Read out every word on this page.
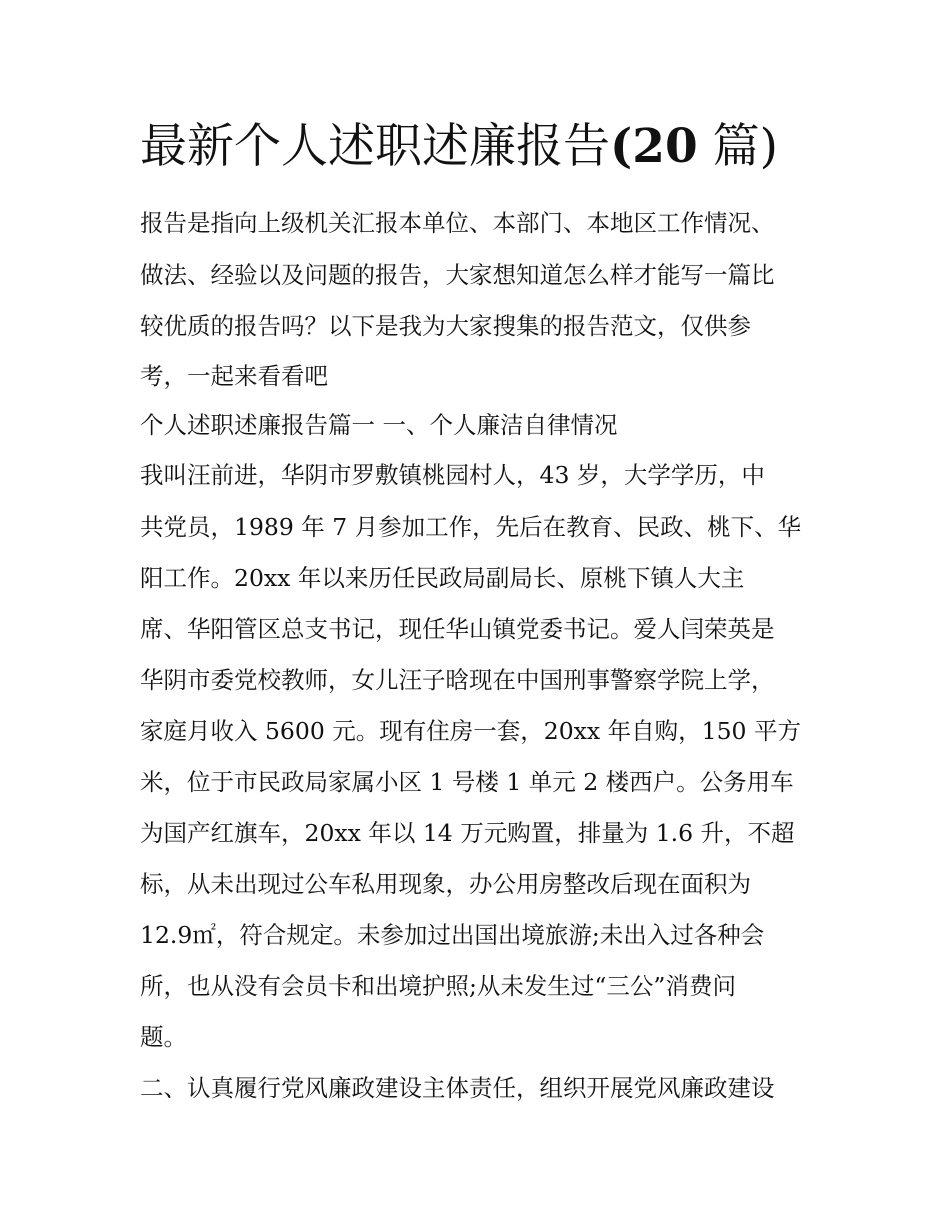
最新个人述职述廉报告(20 篇)
报告是指向上级机关汇报本单位、本部门、本地区工作情况、
做法、经验以及问题的报告，大家想知道怎么样才能写一篇比
较优质的报告吗？以下是我为大家搜集的报告范文，仅供参
考，一起来看看吧
个人述职述廉报告篇一 一、个人廉洁自律情况
我叫汪前进，华阴市罗敷镇桃园村人，43 岁，大学学历，中
共党员，1989 年 7 月参加工作，先后在教育、民政、桃下、华
阳工作。20xx 年以来历任民政局副局长、原桃下镇人大主
席、华阳管区总支书记，现任华山镇党委书记。爱人闫荣英是
华阴市委党校教师，女儿汪子晗现在中国刑事警察学院上学，
家庭月收入 5600 元。现有住房一套，20xx 年自购，150 平方
米，位于市民政局家属小区 1 号楼 1 单元 2 楼西户。公务用车
为国产红旗车，20xx 年以 14 万元购置，排量为 1.6 升，不超
标，从未出现过公车私用现象，办公用房整改后现在面积为
12.9㎡，符合规定。未参加过出国出境旅游;未出入过各种会
所，也从没有会员卡和出境护照;从未发生过“三公”消费问
题。
二、认真履行党风廉政建设主体责任，组织开展党风廉政建设
